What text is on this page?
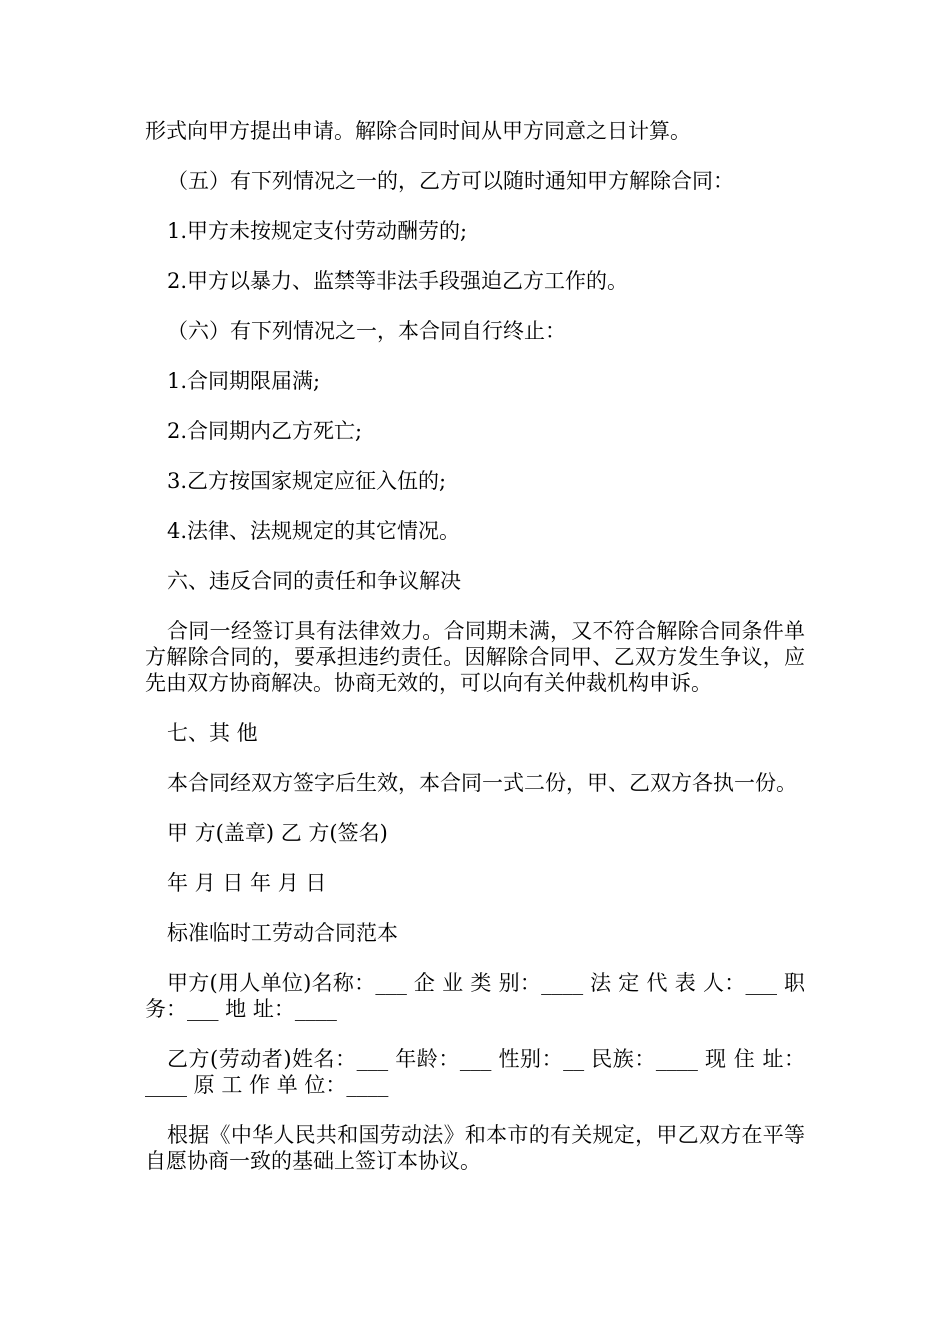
形式向甲方提出申请。解除合同时间从甲方同意之日计算。

（五）有下列情况之一的，乙方可以随时通知甲方解除合同：

1.甲方未按规定支付劳动酬劳的;

2.甲方以暴力、监禁等非法手段强迫乙方工作的。

（六）有下列情况之一，本合同自行终止：

1.合同期限届满;

2.合同期内乙方死亡;

3.乙方按国家规定应征入伍的;

4.法律、法规规定的其它情况。

六、违反合同的责任和争议解决

合同一经签订具有法律效力。合同期未满，又不符合解除合同条件单方解除合同的，要承担违约责任。因解除合同甲、乙双方发生争议，应先由双方协商解决。协商无效的，可以向有关仲裁机构申诉。

七、其 他

本合同经双方签字后生效，本合同一式二份，甲、乙双方各执一份。

甲 方(盖章) 乙 方(签名)

年 月 日 年 月 日

标准临时工劳动合同范本

甲方(用人单位)名称：___ 企 业 类 别：____ 法 定 代 表 人：___ 职 务：___ 地 址：____

乙方(劳动者)姓名：___ 年龄：___ 性别：__ 民族：____ 现 住 址：____ 原 工 作 单 位：____

根据《中华人民共和国劳动法》和本市的有关规定，甲乙双方在平等自愿协商一致的基础上签订本协议。
